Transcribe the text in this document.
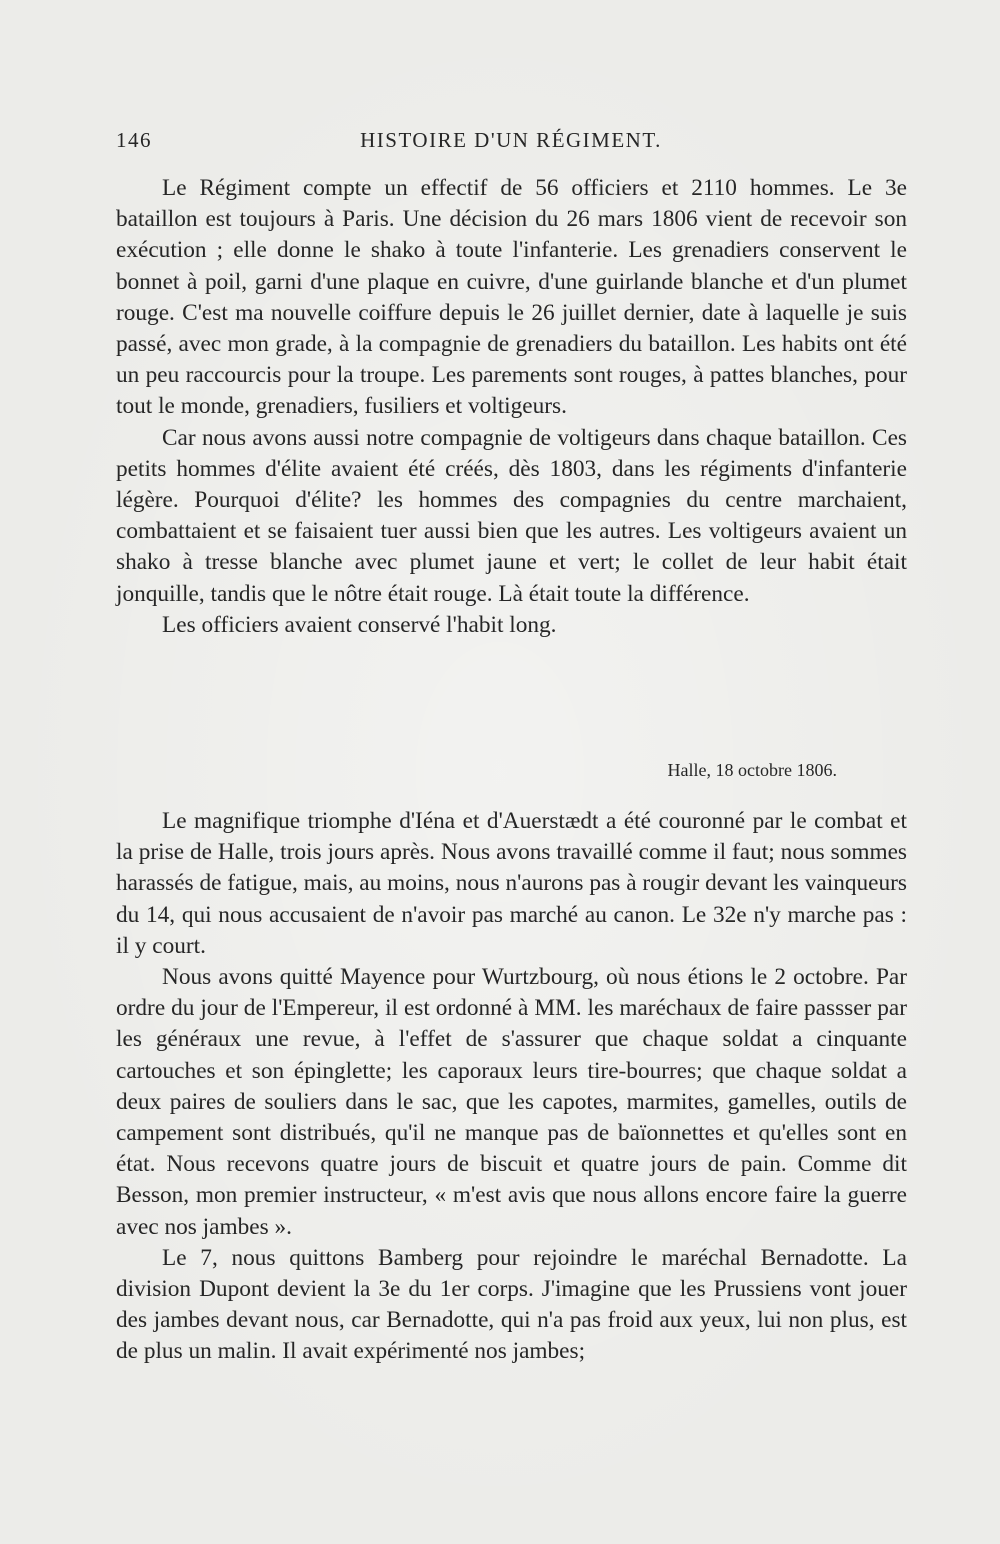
146	HISTOIRE D'UN RÉGIMENT.

Le Régiment compte un effectif de 56 officiers et 2110 hommes. Le 3e bataillon est toujours à Paris. Une décision du 26 mars 1806 vient de recevoir son exécution ; elle donne le shako à toute l'infanterie. Les grenadiers conservent le bonnet à poil, garni d'une plaque en cuivre, d'une guirlande blanche et d'un plumet rouge. C'est ma nouvelle coiffure depuis le 26 juillet dernier, date à laquelle je suis passé, avec mon grade, à la compagnie de grenadiers du bataillon. Les habits ont été un peu raccourcis pour la troupe. Les parements sont rouges, à pattes blanches, pour tout le monde, grenadiers, fusiliers et voltigeurs.

Car nous avons aussi notre compagnie de voltigeurs dans chaque bataillon. Ces petits hommes d'élite avaient été créés, dès 1803, dans les régiments d'infanterie légère. Pourquoi d'élite? les hommes des compagnies du centre marchaient, combattaient et se faisaient tuer aussi bien que les autres. Les voltigeurs avaient un shako à tresse blanche avec plumet jaune et vert; le collet de leur habit était jonquille, tandis que le nôtre était rouge. Là était toute la différence.

Les officiers avaient conservé l'habit long.

Halle, 18 octobre 1806.

Le magnifique triomphe d'Iéna et d'Auerstædt a été couronné par le combat et la prise de Halle, trois jours après. Nous avons travaillé comme il faut; nous sommes harassés de fatigue, mais, au moins, nous n'aurons pas à rougir devant les vainqueurs du 14, qui nous accusaient de n'avoir pas marché au canon. Le 32e n'y marche pas : il y court.

Nous avons quitté Mayence pour Wurtzbourg, où nous étions le 2 octobre. Par ordre du jour de l'Empereur, il est ordonné à MM. les maréchaux de faire passser par les généraux une revue, à l'effet de s'assurer que chaque soldat a cinquante cartouches et son épinglette; les caporaux leurs tire-bourres; que chaque soldat a deux paires de souliers dans le sac, que les capotes, marmites, gamelles, outils de campement sont distribués, qu'il ne manque pas de baïonnettes et qu'elles sont en état. Nous recevons quatre jours de biscuit et quatre jours de pain. Comme dit Besson, mon premier instructeur, « m'est avis que nous allons encore faire la guerre avec nos jambes ».

Le 7, nous quittons Bamberg pour rejoindre le maréchal Bernadotte. La division Dupont devient la 3e du 1er corps. J'imagine que les Prussiens vont jouer des jambes devant nous, car Bernadotte, qui n'a pas froid aux yeux, lui non plus, est de plus un malin. Il avait expérimenté nos jambes;
